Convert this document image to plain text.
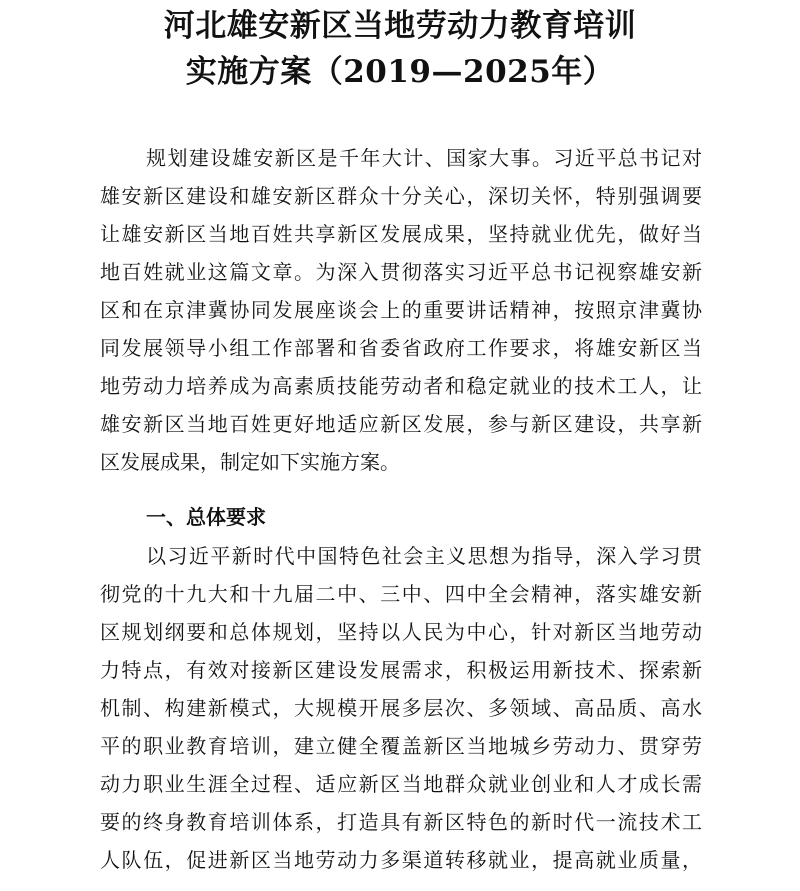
河北雄安新区当地劳动力教育培训
实施方案（2019—2025年）
规划建设雄安新区是千年大计、国家大事。习近平总书记对
雄安新区建设和雄安新区群众十分关心，深切关怀，特别强调要
让雄安新区当地百姓共享新区发展成果，坚持就业优先，做好当
地百姓就业这篇文章。为深入贯彻落实习近平总书记视察雄安新
区和在京津冀协同发展座谈会上的重要讲话精神，按照京津冀协
同发展领导小组工作部署和省委省政府工作要求，将雄安新区当
地劳动力培养成为高素质技能劳动者和稳定就业的技术工人，让
雄安新区当地百姓更好地适应新区发展，参与新区建设，共享新
区发展成果，制定如下实施方案。
一、总体要求
以习近平新时代中国特色社会主义思想为指导，深入学习贯
彻党的十九大和十九届二中、三中、四中全会精神，落实雄安新
区规划纲要和总体规划，坚持以人民为中心，针对新区当地劳动
力特点，有效对接新区建设发展需求，积极运用新技术、探索新
机制、构建新模式，大规模开展多层次、多领域、高品质、高水
平的职业教育培训，建立健全覆盖新区当地城乡劳动力、贯穿劳
动力职业生涯全过程、适应新区当地群众就业创业和人才成长需
要的终身教育培训体系，打造具有新区特色的新时代一流技术工
人队伍，促进新区当地劳动力多渠道转移就业，提高就业质量，
